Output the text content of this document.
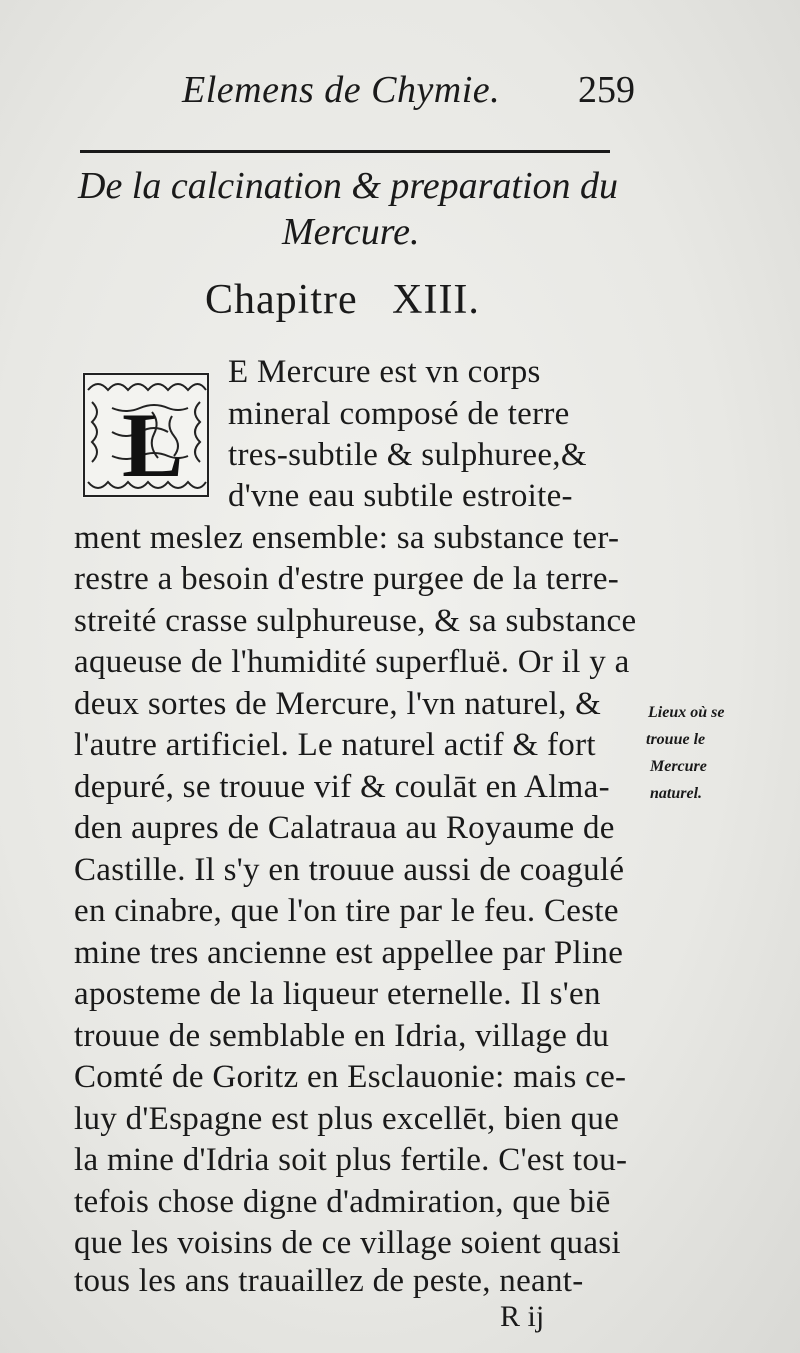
Elemens de Chymie. 259
De la calcination & preparation du
Mercure.
Chapitre   XIII.
L
E Mercure est vn corps
mineral composé de terre
tres-subtile & sulphuree,&
d'vne eau subtile estroite-
ment meslez ensemble: sa substance ter-
restre a besoin d'estre purgee de la terre-
streité crasse sulphureuse, & sa substance
aqueuse de l'humidité superfluë. Or il y a
deux sortes de Mercure, l'vn naturel, &
l'autre artificiel. Le naturel actif & fort
depuré, se trouue vif & coulāt en Alma-
den aupres de Calatraua au Royaume de
Castille. Il s'y en trouue aussi de coagulé
en cinabre, que l'on tire par le feu. Ceste
mine tres ancienne est appellee par Pline
aposteme de la liqueur eternelle. Il s'en
trouue de semblable en Idria, village du
Comté de Goritz en Esclauonie: mais ce-
luy d'Espagne est plus excellēt, bien que
la mine d'Idria soit plus fertile. C'est tou-
tefois chose digne d'admiration, que biē
que les voisins de ce village soient quasi
tous les ans trauaillez de peste, neant-
Lieux où se
trouue le
Mercure
naturel.
R ij
